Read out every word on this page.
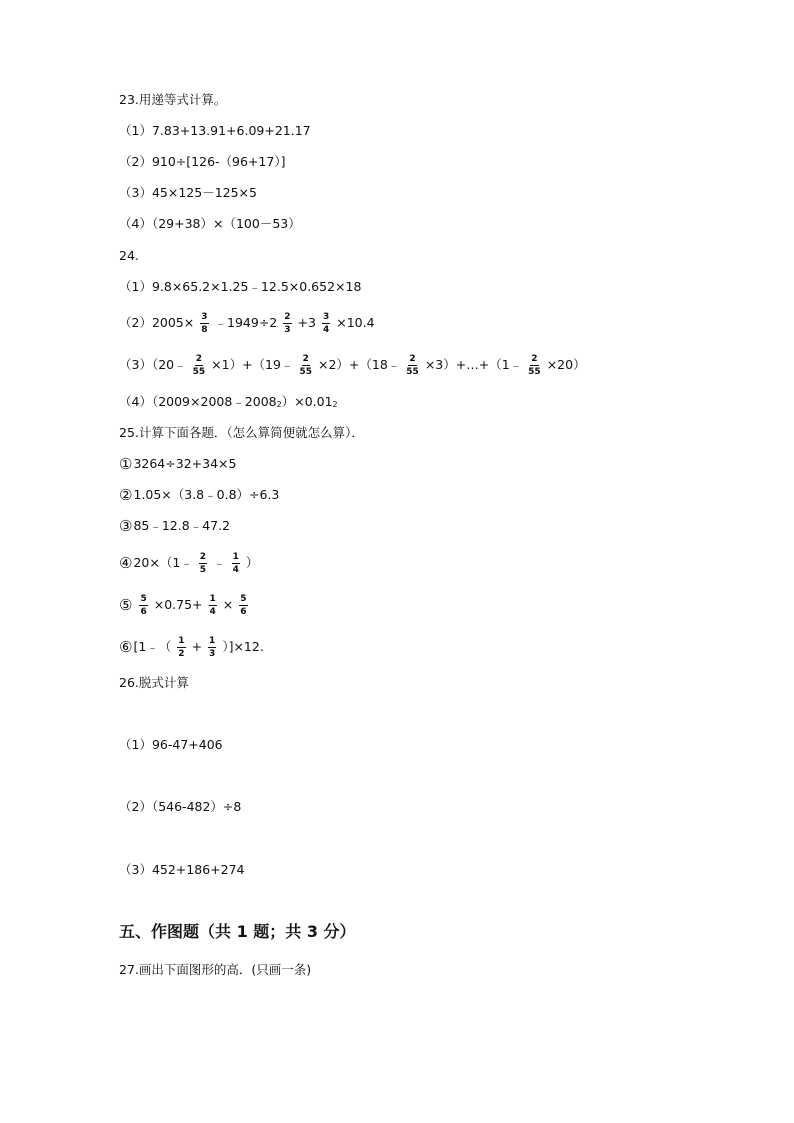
23.用递等式计算。
（1）7.83+13.91+6.09+21.17
（2）910÷[126-（96+17）]
（3）45×125－125×5
（4）（29+38）×（100－53）
24.
（1）9.8×65.2×1.25﹣12.5×0.652×18
$(2)2005\times \frac{3}{8}$ ﹣1949÷2 $\frac{2}{3} +3 \frac{3}{4} \times 10.4$
（3）（20﹣ $\frac{2}{55}$ ×1）+（19﹣ $\frac{2}{55}$ ×2）+（18﹣ $\frac{2}{55}$ ×3）+…+（1﹣ $\frac{2}{55} \times 20$）
（4）（2009×2008﹣2008 2 ）×0.01 2
25.计算下面各题．（怎么算简便就怎么算）．
① 3264÷32+34×5
② 1.05×（3.8﹣0.8）÷6.3
③ 85﹣12.8﹣47.2
④ 20×（1﹣ $\frac{2}{5}$ ﹣ $\frac{1}{4}$ ）
⑤ $\frac{5}{6} \times 0.75+ \frac{1}{4} \times \frac{5}{6}$
⑥ [1﹣（ $\frac{1}{2} + \frac{1}{3} )]\times 12$.
26.脱式计算
（1）96-47+406
（2）（546-482）÷8
（3）452+186+274
五、作图题（共 1 题；共 3 分）
27.画出下面图形的高．(只画一条)
